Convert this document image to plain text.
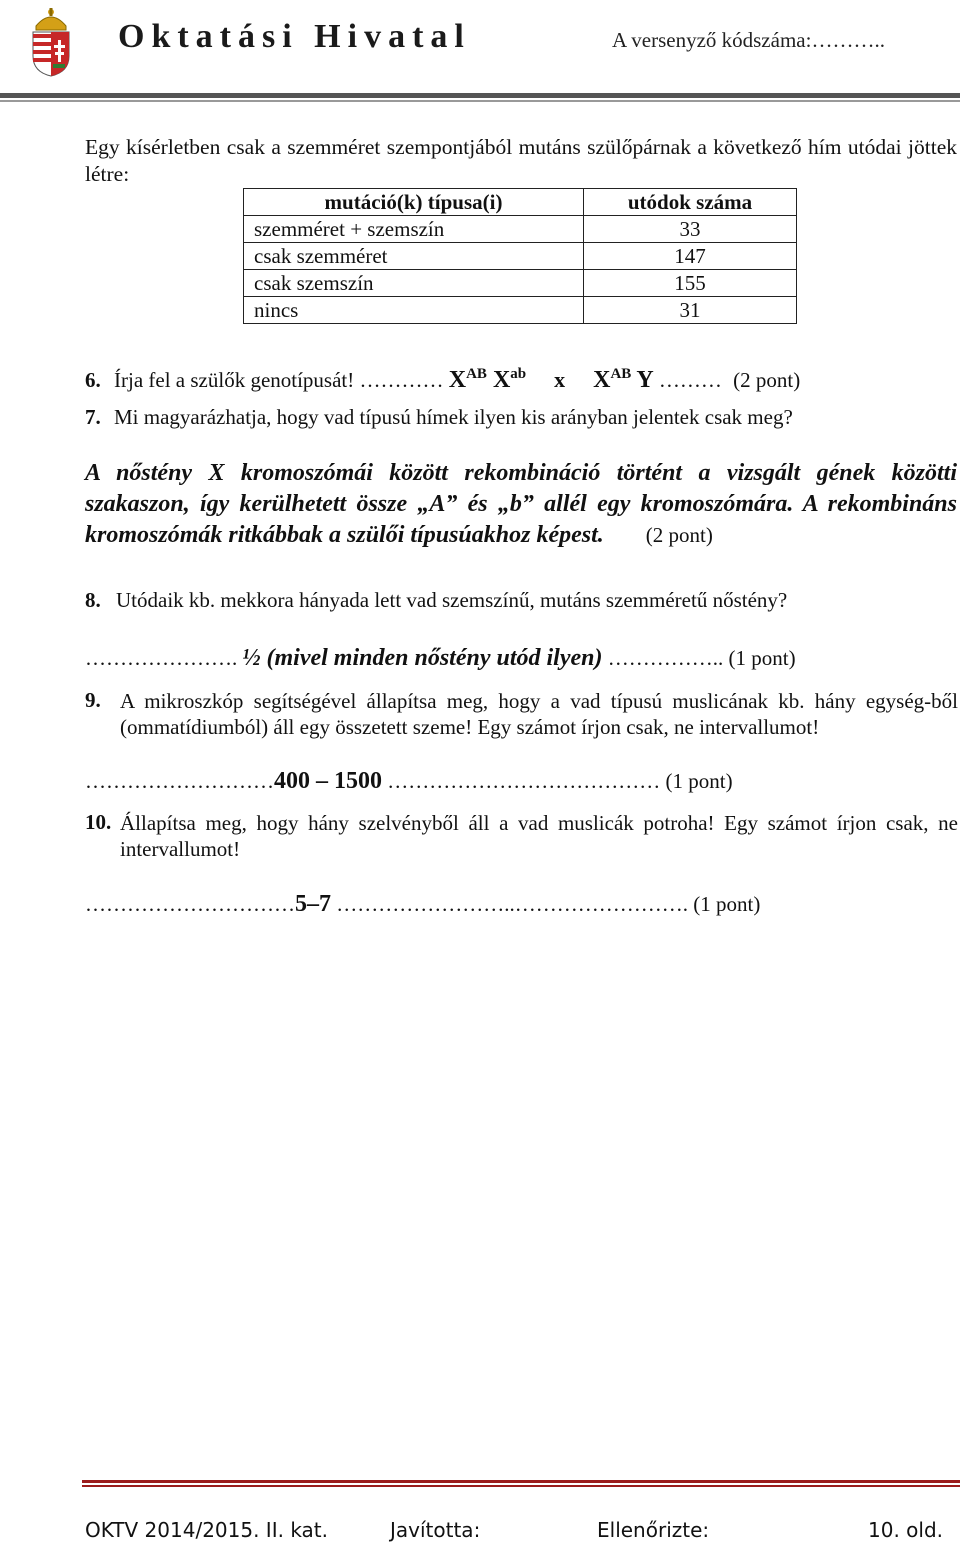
Oktatási Hivatal	A versenyző kódszáma:………..
Egy kísérletben csak a szemméret szempontjából mutáns szülőpárnak a következő hím utódai jöttek létre:
mutáció(k) típusa(i)	utódok száma
szemméret + szemszín	33
csak szemméret	147
csak szemszín	155
nincs	31
6. Írja fel a szülők genotípusát! ………… $X^{AB}$ $X^{ab}$ x $X^{AB}$ Y ……… (2 pont)
7. Mi magyarázhatja, hogy vad típusú hímek ilyen kis arányban jelentek csak meg?
A nőstény X kromoszómái között rekombináció történt a vizsgált gének közötti szakaszon, így kerülhetett össze „A” és „b” allél egy kromoszómára. A rekombináns kromoszómák ritkábbak a szülői típusúakhoz képest. (2 pont)
8. Utódaik kb. mekkora hányada lett vad szemszínű, mutáns szemméretű nőstény?
…………………. ½ (mivel minden nőstény utód ilyen) …………….. (1 pont)
9. A mikroszkóp segítségével állapítsa meg, hogy a vad típusú muslicának kb. hány egység-ből (ommatídiumból) áll egy összetett szeme! Egy számot írjon csak, ne intervallumot!
………………………400 – 1500 ………………………………… (1 pont)
10. Állapítsa meg, hogy hány szelvényből áll a vad muslicák potroha! Egy számot írjon csak, ne intervallumot!
…………………………5–7 ……………………..……………………. (1 pont)
OKTV 2014/2015. II. kat.	Javította:	Ellenőrizte:	10. old.
